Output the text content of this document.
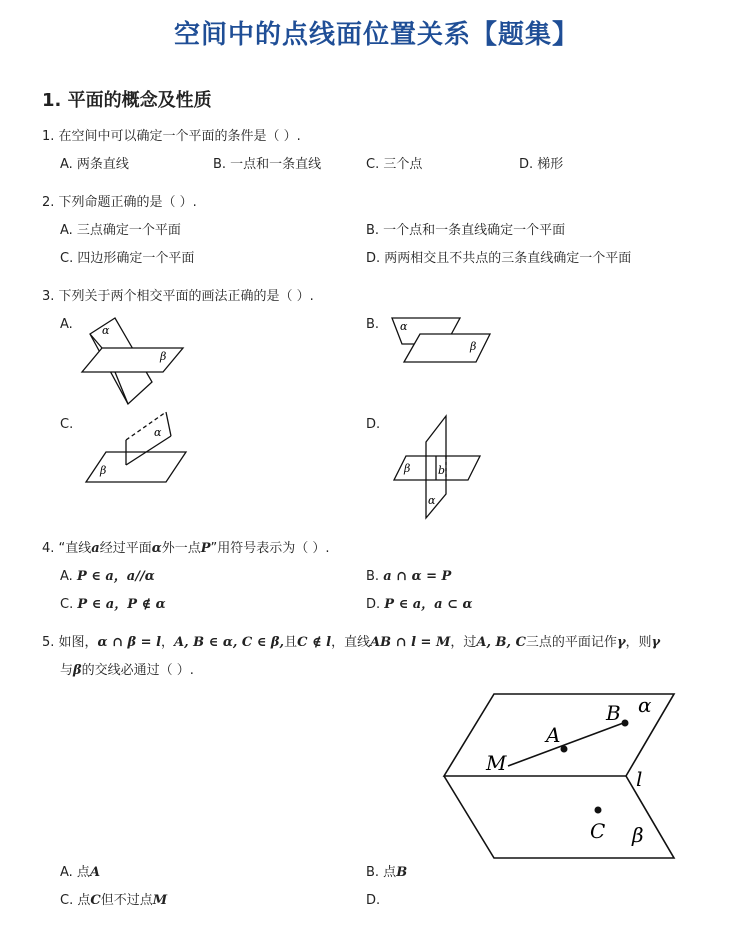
空间中的点线面位置关系【题集】
1. 平面的概念及性质
1. 在空间中可以确定一个平面的条件是（ ）.
A. 两条直线	B. 一点和一条直线	C. 三个点	D. 梯形
2. 下列命题正确的是（ ）.
A. 三点确定一个平面	B. 一个点和一条直线确定一个平面
C. 四边形确定一个平面	D. 两两相交且不共点的三条直线确定一个平面
3. 下列关于两个相交平面的画法正确的是（ ）.
A.	B.
C.	D.
α
β
α
β
α
β	β	b
α
4. “直线a经过平面α外一点P”用符号表示为（ ）.
A. P ∈ a，a//α	B. a ∩ α = P
C. P ∈ a，P ∉ α	D. P ∈ a，a ⊂ α
5. 如图，α ∩ β = l，A, B ∈ α, C ∈ β,且C ∉ l，直线AB ∩ l = M，过A, B, C三点的平面记作γ，则γ
与β的交线必通过（ ）.
α
B
A
M
l
C β
A. 点A	B. 点B
C. 点C但不过点M	D.
